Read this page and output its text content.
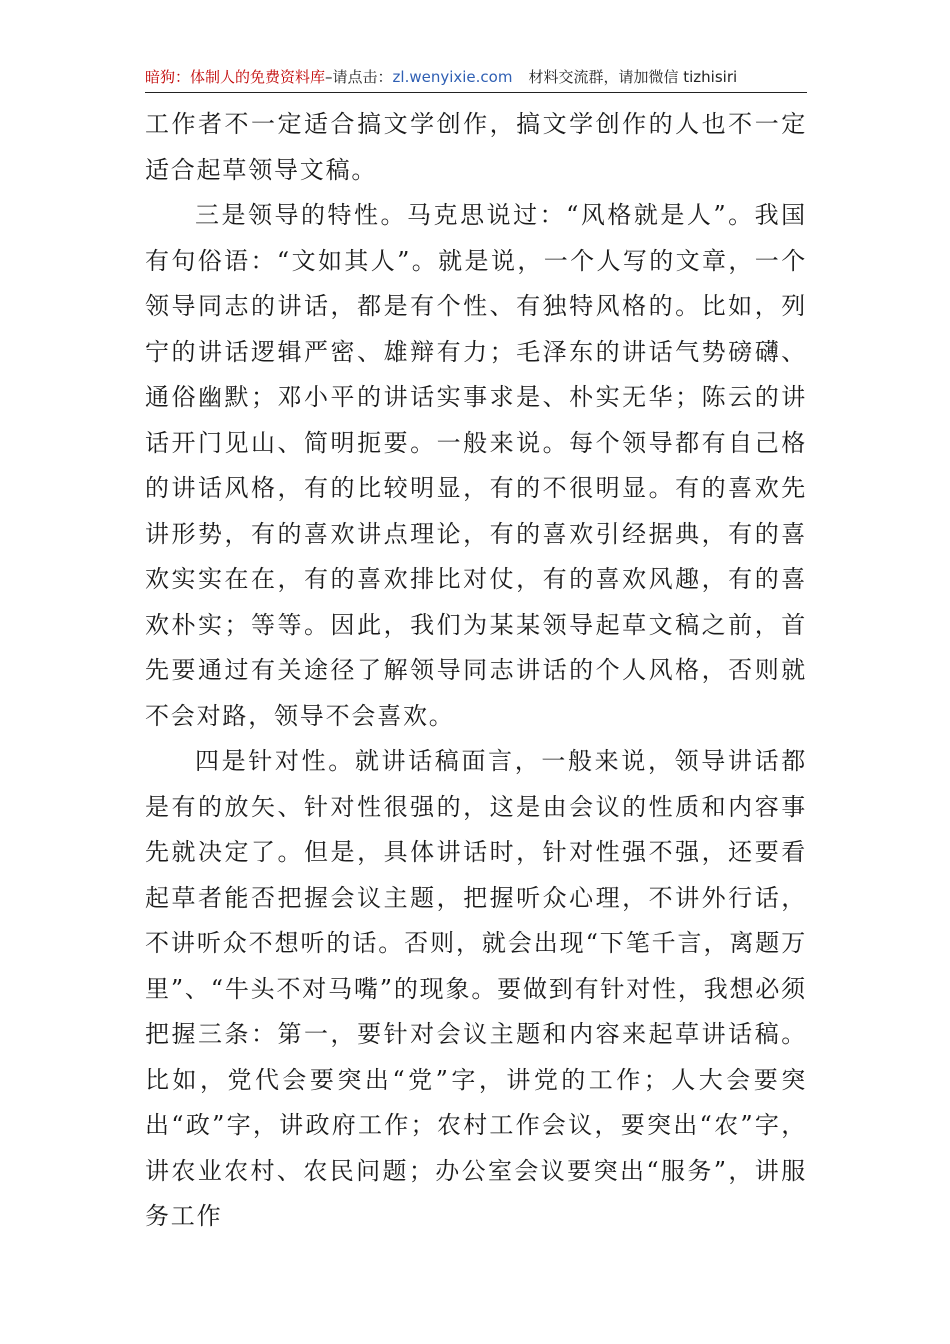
暗狗：体制人的免费资料库–请点击：zl.wenyixie.com 材料交流群，请加微信 tizhisiri

工作者不一定适合搞文学创作，搞文学创作的人也不一定适合起草领导文稿。

三是领导的特性。马克思说过：“风格就是人”。我国有句俗语：“文如其人”。就是说，一个人写的文章，一个领导同志的讲话，都是有个性、有独特风格的。比如，列宁的讲话逻辑严密、雄辩有力；毛泽东的讲话气势磅礴、通俗幽默；邓小平的讲话实事求是、朴实无华；陈云的讲话开门见山、简明扼要。一般来说。每个领导都有自己格的讲话风格，有的比较明显，有的不很明显。有的喜欢先讲形势，有的喜欢讲点理论，有的喜欢引经据典，有的喜欢实实在在，有的喜欢排比对仗，有的喜欢风趣，有的喜欢朴实；等等。因此，我们为某某领导起草文稿之前，首先要通过有关途径了解领导同志讲话的个人风格，否则就不会对路，领导不会喜欢。

四是针对性。就讲话稿面言，一般来说，领导讲话都是有的放矢、针对性很强的，这是由会议的性质和内容事先就决定了。但是，具体讲话时，针对性强不强，还要看起草者能否把握会议主题，把握听众心理，不讲外行话，不讲听众不想听的话。否则，就会出现“下笔千言，离题万里”、“牛头不对马嘴”的现象。要做到有针对性，我想必须把握三条：第一，要针对会议主题和内容来起草讲话稿。比如，党代会要突出“党”字，讲党的工作；人大会要突出“政”字，讲政府工作；农村工作会议，要突出“农”字，讲农业农村、农民问题；办公室会议要突出“服务”，讲服务工作
